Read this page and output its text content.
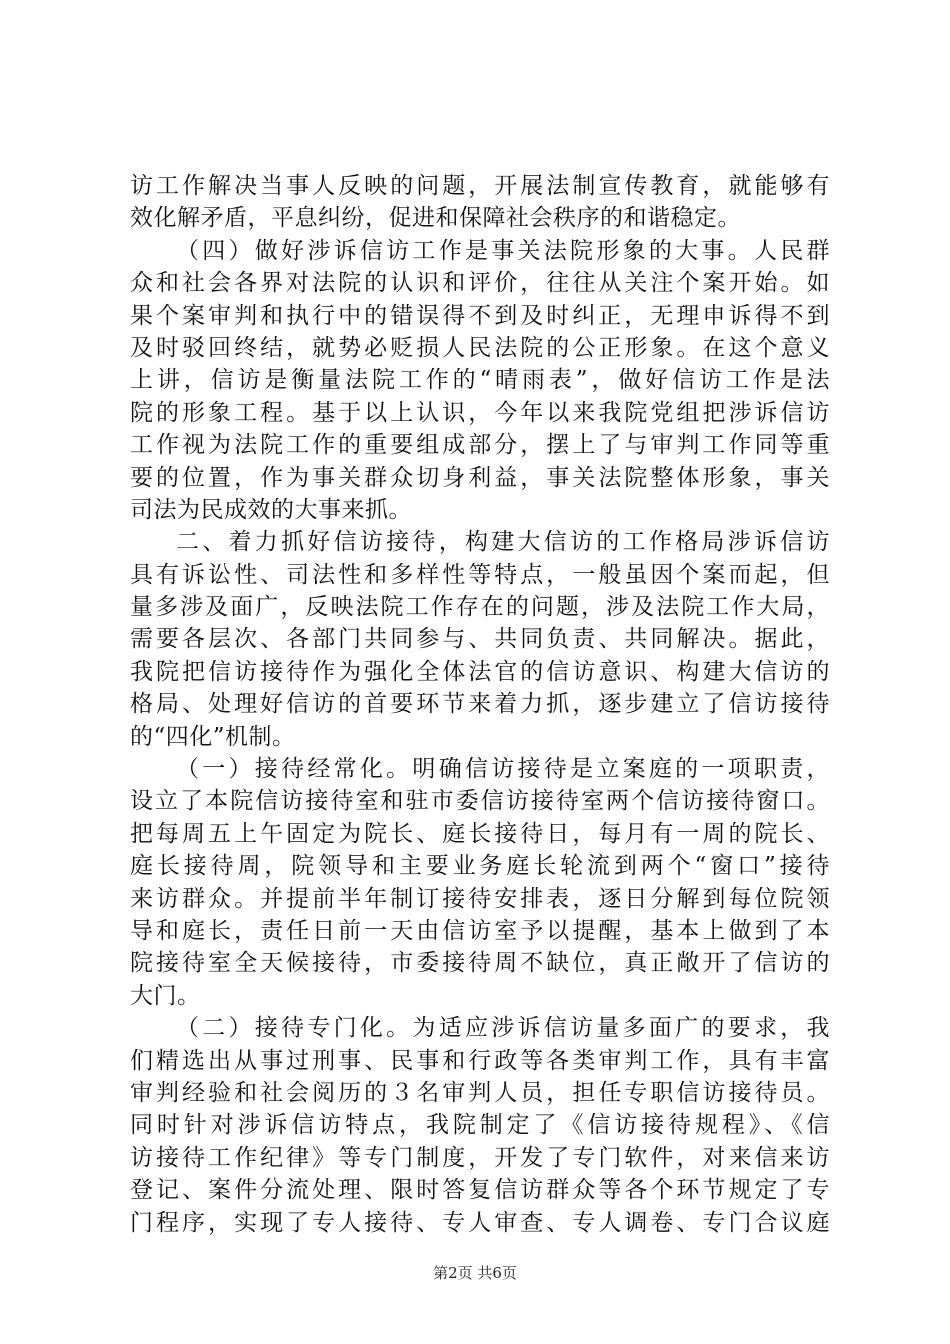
访工作解决当事人反映的问题，开展法制宣传教育，就能够有
效化解矛盾，平息纠纷，促进和保障社会秩序的和谐稳定。
（四）做好涉诉信访工作是事关法院形象的大事。人民群
众和社会各界对法院的认识和评价，往往从关注个案开始。如
果个案审判和执行中的错误得不到及时纠正，无理申诉得不到
及时驳回终结，就势必贬损人民法院的公正形象。在这个意义
上讲，信访是衡量法院工作的“晴雨表”，做好信访工作是法
院的形象工程。基于以上认识，今年以来我院党组把涉诉信访
工作视为法院工作的重要组成部分，摆上了与审判工作同等重
要的位置，作为事关群众切身利益，事关法院整体形象，事关
司法为民成效的大事来抓。
二、着力抓好信访接待，构建大信访的工作格局涉诉信访
具有诉讼性、司法性和多样性等特点，一般虽因个案而起，但
量多涉及面广，反映法院工作存在的问题，涉及法院工作大局，
需要各层次、各部门共同参与、共同负责、共同解决。据此，
我院把信访接待作为强化全体法官的信访意识、构建大信访的
格局、处理好信访的首要环节来着力抓，逐步建立了信访接待
的“四化”机制。
（一）接待经常化。明确信访接待是立案庭的一项职责，
设立了本院信访接待室和驻市委信访接待室两个信访接待窗口。
把每周五上午固定为院长、庭长接待日，每月有一周的院长、
庭长接待周，院领导和主要业务庭长轮流到两个“窗口”接待
来访群众。并提前半年制订接待安排表，逐日分解到每位院领
导和庭长，责任日前一天由信访室予以提醒，基本上做到了本
院接待室全天候接待，市委接待周不缺位，真正敞开了信访的
大门。
（二）接待专门化。为适应涉诉信访量多面广的要求，我
们精选出从事过刑事、民事和行政等各类审判工作，具有丰富
审判经验和社会阅历的３名审判人员，担任专职信访接待员。
同时针对涉诉信访特点，我院制定了《信访接待规程》、《信
访接待工作纪律》等专门制度，开发了专门软件，对来信来访
登记、案件分流处理、限时答复信访群众等各个环节规定了专
门程序，实现了专人接待、专人审查、专人调卷、专门合议庭
第2页 共6页
